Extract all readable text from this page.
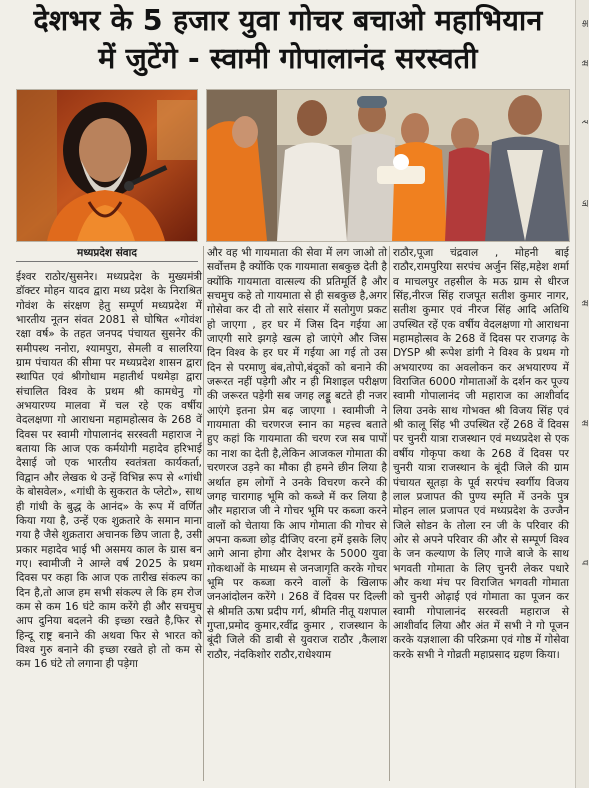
देशभर के 5 हजार युवा गोचर बचाओ महाभियान
में जुटेंगे - स्वामी गोपालानंद सरस्वती
मध्यप्रदेश संवाद

ईश्वर राठोर/सुसनेर। मध्यप्रदेश के मुख्यमंत्री डॉक्टर मोहन यादव द्वारा मध्य प्रदेश के निराश्रित गोवंश के संरक्षण हेतु सम्पूर्ण मध्यप्रदेश में भारतीय नूतन संवत 2081 से घोषित «गोवंश रक्षा वर्ष» के तहत जनपद पंचायत सुसनेर की समीपस्थ ननोरा, श्यामपुरा, सेमली व सालरिया ग्राम पंचायत की सीमा पर मध्यप्रदेश शासन द्वारा स्थापित एवं श्रीगोधाम महातीर्थ पथमेड़ा द्वारा संचालित विश्व के प्रथम श्री कामधेनु गो अभयारण्य मालवा में चल रहे एक वर्षीय वेदलक्षणा गो आराधना महामहोत्सव के 268 वें दिवस पर स्वामी गोपालानंद सरस्वती महाराज ने बताया कि आज एक कर्मयोगी महादेव हरिभाई देसाई जो एक भारतीय स्वतंत्रता कार्यकर्ता, विद्वान और लेखक थे उन्हें विभिन्न रूप से «गांधी के बोसवेल», «गांधी के सुकरात के प्लेटो», साथ ही गांधी के बुद्ध के आनंद» के रूप में वर्णित किया गया है, उन्हें एक शुक्रतारे के समान माना गया है जैसे शुक्रतारा अचानक छिप जाता है, उसी प्रकार महादेव भाई भी असमय काल के ग्रास बन गए। स्वामीजी ने आग्ले वर्ष 2025 के प्रथम दिवस पर कहा कि आज एक तारीख संकल्प का दिन है,तो आज हम सभी संकल्प ले कि हम रोज कम से कम 16 घंटे काम करेंगे ही और सचमुच आप दुनिया बदलने की इच्छा रखते है,फिर से हिन्दू राष्ट्र बनाने की अथवा फिर से भारत को विश्व गुरु बनाने की इच्छा रखते हो तो कम से कम 16 घंटे तो लगाना ही पड़ेगा

और वह भी गायमाता की सेवा में लग जाओ तो सर्वोत्तम है क्योंकि एक गायमाता सबकुछ देती है क्योंकि गायमाता वात्सल्य की प्रतिमूर्ति है और सचमुच कहे तो गायमाता से ही सबकुछ है,अगर गोसेवा कर दी तो सारे संसार में सतोगुण प्रकट हो जाएगा , हर घर में जिस दिन गईया आ जाएगी सारे झगड़े खत्म हो जाएंगे और जिस दिन विश्व के हर घर में गईया आ गई तो उस दिन से परमाणु बंब,तोपो,बंदूकों को बनाने की जरूरत नहीं पड़ेगी और न ही मिशाइल परीक्षण की जरूरत पड़ेगी सब जगह लड्डू बटते ही नजर आएंगे इतना प्रेम बढ़ जाएगा । स्वामीजी ने गायमाता की चरणरज स्नान का महत्त्व बताते हुए कहां कि गायमाता की चरण रज सब पापों का नाश का देती है,लेकिन आजकल गोमाता की चरणरज उड़ने का मौका ही हमने छीन लिया है अर्थात हम लोगों ने उनके विचरण करने की जगह चारागाह भूमि को कब्जे में कर लिया है और महाराज जी ने गोचर भूमि पर कब्जा करने वालों को चेताया कि आप गोमाता की गोचर से अपना कब्जा छोड़ दीजिए वरना हमें इसके लिए आगे आना होगा और देशभर के 5000 युवा गोकथाओं के माध्यम से जनजागृति करके गोचर भूमि पर कब्जा करने वालों के खिलाफ जनआंदोलन करेंगे । 268 वें दिवस पर दिल्ली से श्रीमति ऊषा प्रदीप गर्ग, श्रीमति नीतू यशपाल गुप्ता,प्रमोद कुमार,रवींद्र कुमार , राजस्थान के बूंदी जिले की डाबी से युवराज राठौर ,कैलाश राठौर, नंदकिशोर राठौर,राधेश्याम

राठौर,पूजा चंद्रवाल , मोहनी बाई राठौर,रामपुरिया सरपंच अर्जुन सिंह,महेश शर्मा व माचलपुर तहसील के मऊ ग्राम से धीरज सिंह,नीरज सिंह राजपूत सतीश कुमार नागर, सतीश कुमार एवं नीरज सिंह आदि अतिथि उपस्थित रहें एक वर्षीय वेदलक्षणा गो आराधना महामहोत्सव के 268 वें दिवस पर राजगढ़ के DYSP श्री रूपेश डांगी ने विश्व के प्रथम गो अभयारण्य का अवलोकन कर अभयारण्य में विराजित 6000 गोमाताओं के दर्शन कर पूज्य स्वामी गोपालानंद जी महाराज का आशीर्वाद लिया उनके साथ गोभक्त श्री विजय सिंह एवं श्री कालू सिंह भी उपस्थित रहें 268 वें दिवस पर चुनरी यात्रा राजस्थान एवं मध्यप्रदेश से एक वर्षीय गोकृपा कथा के 268 वें दिवस पर चुनरी यात्रा राजस्थान के बूंदी जिले की ग्राम पंचायत सूतड़ा के पूर्व सरपंच स्वर्गीय विजय लाल प्रजापत की पुण्य स्मृति में उनके पुत्र मोहन लाल प्रजापत एवं मध्यप्रदेश के उज्जैन जिले सोडन के तोला रन जी के परिवार की ओर से अपने परिवार की और से सम्पूर्ण विश्व के जन कल्याण के लिए गाजे बाजे के साथ भगवती गोमाता के लिए चुनरी लेकर पधारे और कथा मंच पर विराजित भगवती गोमाता को चुनरी ओढ़ाई एवं गोमाता का पूजन कर स्वामी गोपालानंद सरस्वती महाराज से आशीर्वाद लिया और अंत में सभी ने गो पूजन करके यज्ञशाला की परिक्रमा एवं गोष्ठ में गोसेवा करके सभी ने गोव्रती महाप्रसाद ग्रहण किया।

क
स
र
ज
स
स
प
